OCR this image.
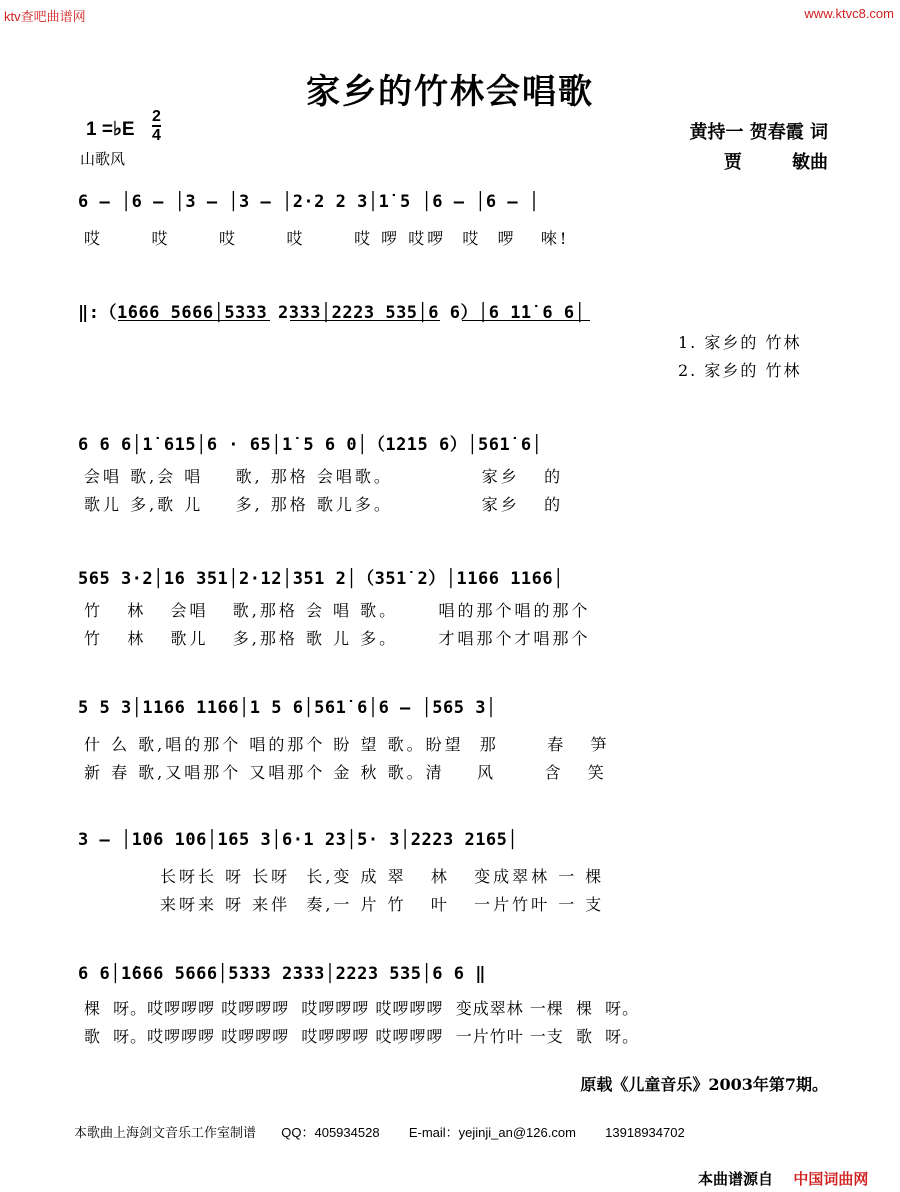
ktv查吧曲谱网	www.ktvc8.com
家乡的竹林会唱歌
1 =♭E $\frac{2}{4}$
山歌风
黄持一 贺春霞 词
贾        敏曲
6 – │6 – │3 – │3 – │2·2 2 3│1̇ 5 │6 – │6 – │
哎      哎      哎      哎      哎 啰 哎啰  哎  啰   唻!
‖:（1̇666 5666│5333 2333│2223 535│6 6）│6 1̇1̇ 6 6│
1. 家乡的 竹林
2. 家乡的 竹林
6 6 6│1̇ 61̇5│6 · 65│1̇ 5 6 0│（1̇2̇1̇5 6）│561̇ 6│
会唱 歌,会 唱    歌, 那格 会唱歌。           家乡   的
歌儿 多,歌 儿    多, 那格 歌儿多。           家乡   的
565 3·2│16 351│2·12│351 2│（351̇ 2）│1166 1166│
竹   林   会唱   歌,那格 会 唱 歌。     唱的那个唱的那个
竹   林   歌儿   多,那格 歌 儿 多。     才唱那个才唱那个
5 5 3│1166 1166│1 5 6│561̇ 6│6 – │565 3│
什 么 歌,唱的那个 唱的那个 盼 望 歌。盼望  那      春   笋
新 春 歌,又唱那个 又唱那个 金 秋 歌。清    风      含   笑
3 – │106 106│165 3│6·1 23│5· 3│2223 2165│
长呀长 呀 长呀  长,变 成 翠   林   变成翠林 一 棵
来呀来 呀 来伴  奏,一 片 竹   叶   一片竹叶 一 支
6 6│1̇666 5666│5333 2333│2223 535│6 6 ‖
棵  呀。哎啰啰啰 哎啰啰啰  哎啰啰啰 哎啰啰啰  变成翠林 一棵  棵  呀。
歌  呀。哎啰啰啰 哎啰啰啰  哎啰啰啰 哎啰啰啰  一片竹叶 一支  歌  呀。
原载《儿童音乐》2003年第7期。
本歌曲上海剑文音乐工作室制谱 QQ：405934528 E-mail：yejinji_an@126.com 13918934702
本曲谱源自 中国词曲网
